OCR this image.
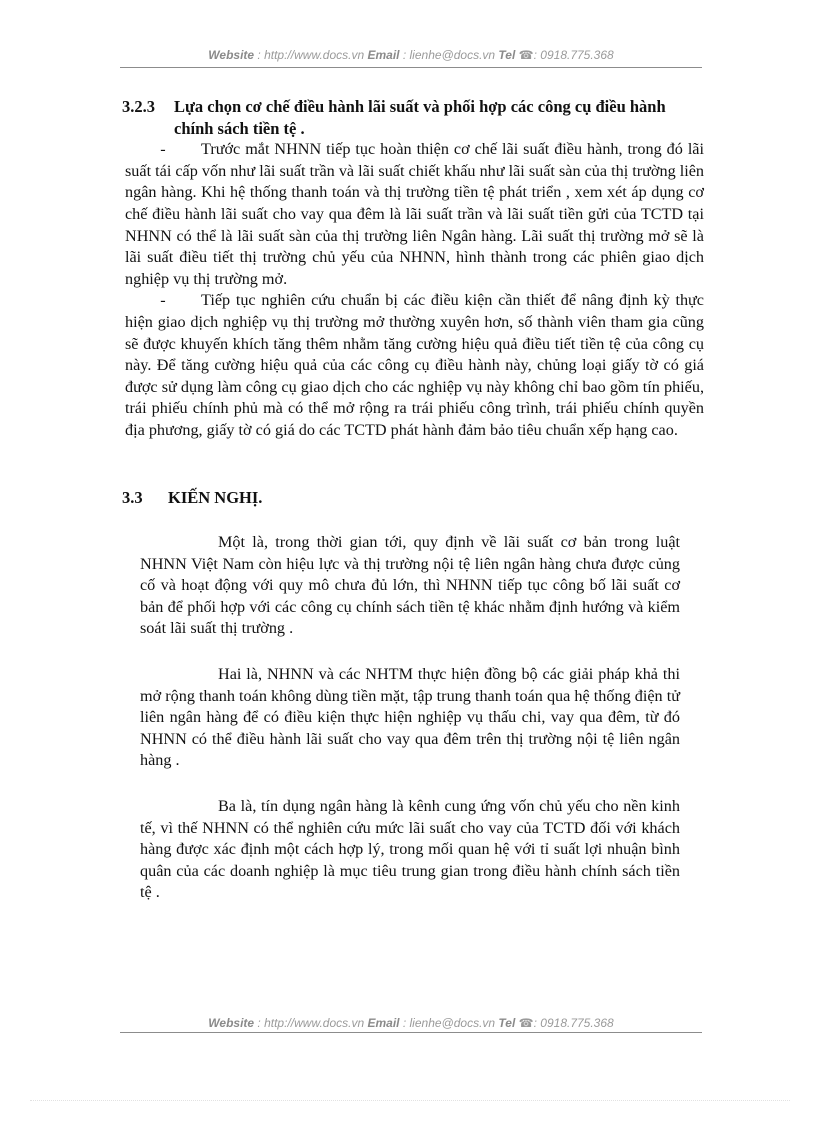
Website : http://www.docs.vn Email : lienhe@docs.vn Tel ☎: 0918.775.368
3.2.3	Lựa chọn cơ chế điều hành lãi suất và phối hợp các công cụ điều hành chính sách tiền tệ .

- Trước mắt NHNN tiếp tục hoàn thiện cơ chế lãi suất điều hành, trong đó lãi suất tái cấp vốn như lãi suất trần và lãi suất chiết khấu như lãi suất sàn của thị trường liên ngân hàng. Khi hệ thống thanh toán và thị trường tiền tệ phát triển , xem xét áp dụng cơ chế điều hành lãi suất cho vay qua đêm là lãi suất trần và lãi suất tiền gửi của TCTD tại NHNN có thể là lãi suất sàn của thị trường liên Ngân hàng. Lãi suất thị trường mở sẽ là lãi suất điều tiết thị trường chủ yếu của NHNN, hình thành trong các phiên giao dịch nghiệp vụ thị trường mở.

- Tiếp tục nghiên cứu chuẩn bị các điều kiện cần thiết để nâng định kỳ thực hiện giao dịch nghiệp vụ thị trường mở thường xuyên hơn, số thành viên tham gia cũng sẽ được khuyến khích tăng thêm nhằm tăng cường hiệu quả điều tiết tiền tệ của công cụ này. Để tăng cường hiệu quả của các công cụ điều hành này, chủng loại giấy tờ có giá được sử dụng làm công cụ giao dịch cho các nghiệp vụ này không chỉ bao gồm tín phiếu, trái phiếu chính phủ mà có thể mở rộng ra trái phiếu công trình, trái phiếu chính quyền địa phương, giấy tờ có giá do các TCTD phát hành đảm bảo tiêu chuẩn xếp hạng cao.

3.3	KIẾN NGHỊ.

Một là, trong thời gian tới, quy định về lãi suất cơ bản trong luật NHNN Việt Nam còn hiệu lực và thị trường nội tệ liên ngân hàng chưa được củng cố và hoạt động với quy mô chưa đủ lớn, thì NHNN tiếp tục công bố lãi suất cơ bản để phối hợp với các công cụ chính sách tiền tệ khác nhằm định hướng và kiểm soát lãi suất thị trường .

Hai là, NHNN và các NHTM thực hiện đồng bộ các giải pháp khả thi mở rộng thanh toán không dùng tiền mặt, tập trung thanh toán qua hệ thống điện tử liên ngân hàng để có điều kiện thực hiện nghiệp vụ thấu chi, vay qua đêm, từ đó NHNN có thể điều hành lãi suất cho vay qua đêm trên thị trường nội tệ liên ngân hàng .

Ba là, tín dụng ngân hàng là kênh cung ứng vốn chủ yếu cho nền kinh tế, vì thế NHNN có thể nghiên cứu mức lãi suất cho vay của TCTD đối với khách hàng được xác định một cách hợp lý, trong mối quan hệ với tỉ suất lợi nhuận bình quân của các doanh nghiệp là mục tiêu trung gian trong điều hành chính sách tiền tệ .

Website : http://www.docs.vn Email : lienhe@docs.vn Tel ☎: 0918.775.368
